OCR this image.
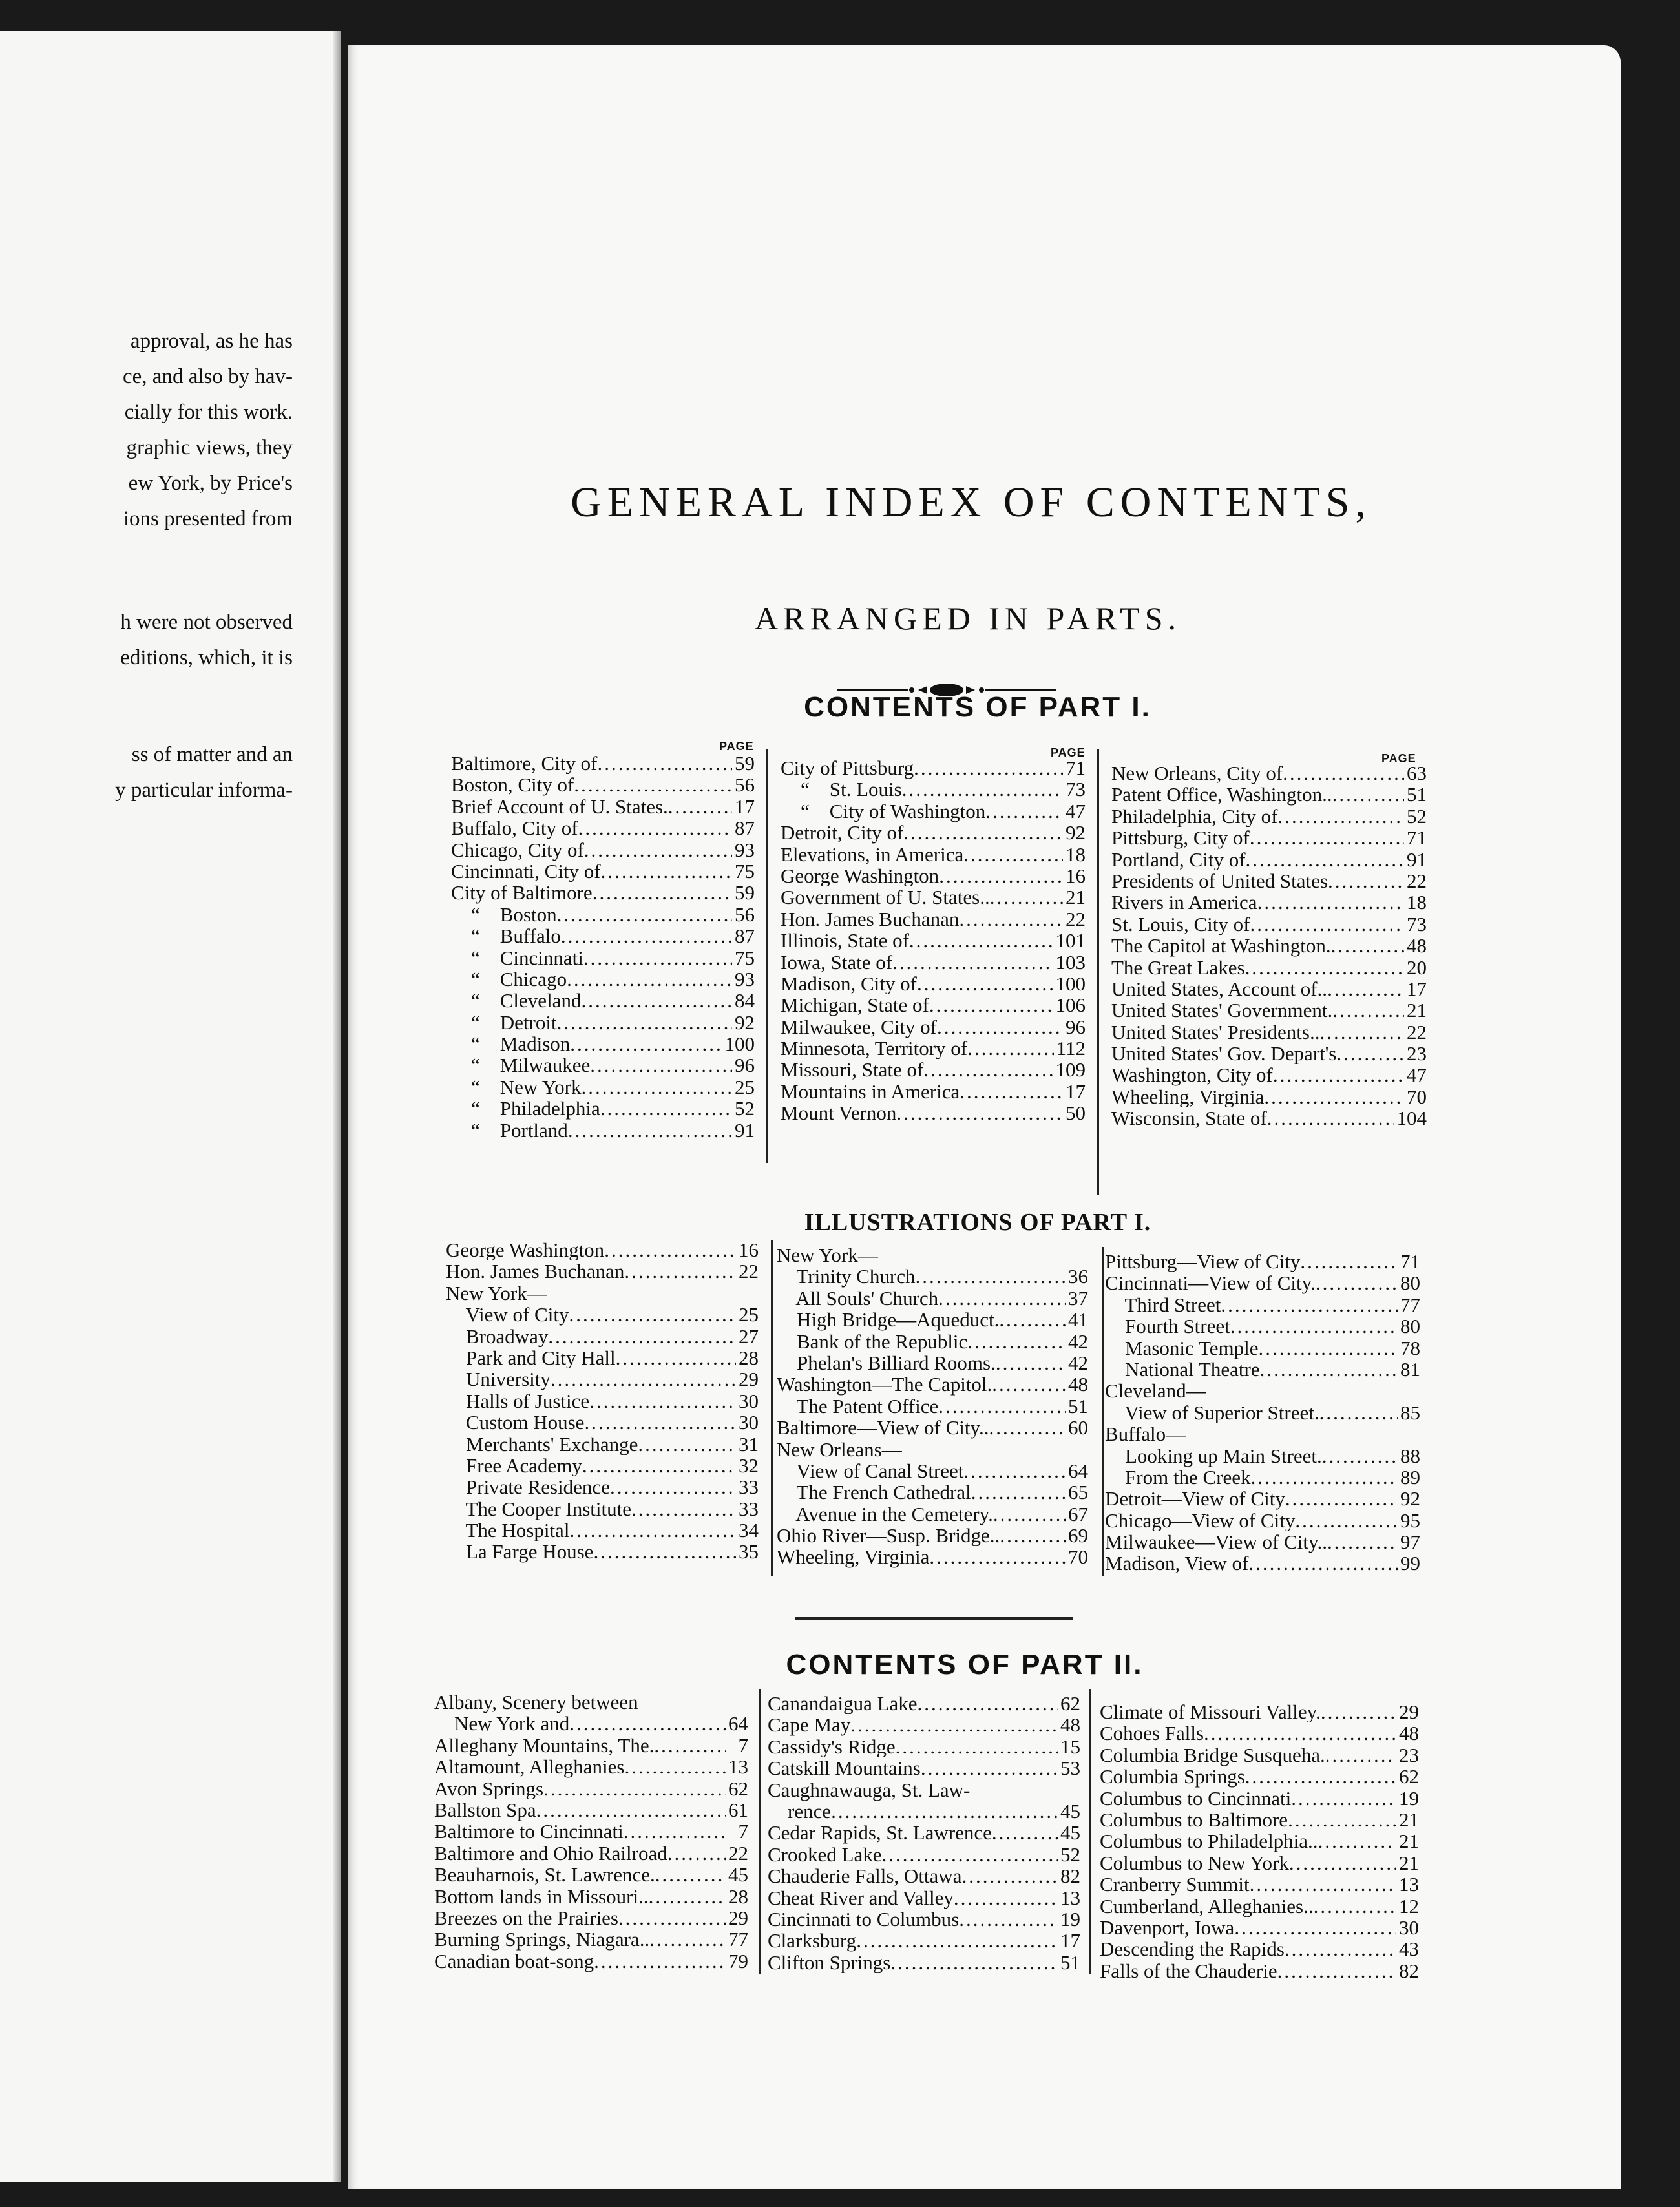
approval, as he has
ce, and also by hav-
cially for this work.
graphic views, they
ew York, by Price's
ions presented from
h were not observed
editions, which, it is
ss of matter and an
y particular informa-
GENERAL INDEX OF CONTENTS,
ARRANGED IN PARTS.
CONTENTS OF PART I.
PAGE	PAGE	PAGE
ILLUSTRATIONS OF PART I.
CONTENTS OF PART II.
Baltimore, City of .....	59
Boston, City of .....	56
Brief Account of U. States. .....	17
Buffalo, City of .....	87
Chicago, City of .....	93
Cincinnati, City of .....	75
City of Baltimore .....	59
“    Boston .....	56
“    Buffalo .....	87
“    Cincinnati .....	75
“    Chicago .....	93
“    Cleveland .....	84
“    Detroit .....	92
“    Madison .....	100
“    Milwaukee .....	96
“    New York .....	25
“    Philadelphia .....	52
“    Portland .....	91
City of Pittsburg .....	71
“    St. Louis .....	73
“    City of Washington .....	47
Detroit, City of .....	92
Elevations, in America .....	18
George Washington .....	16
Government of U. States.. .....	21
Hon. James Buchanan .....	22
Illinois, State of .....	101
Iowa, State of .....	103
Madison, City of .....	100
Michigan, State of .....	106
Milwaukee, City of .....	96
Minnesota, Territory of .....	112
Missouri, State of .....	109
Mountains in America .....	17
Mount Vernon .....	50
New Orleans, City of .....	63
Patent Office, Washington.. .....	51
Philadelphia, City of .....	52
Pittsburg, City of .....	71
Portland, City of .....	91
Presidents of United States .....	22
Rivers in America .....	18
St. Louis, City of .....	73
The Capitol at Washington. .....	48
The Great Lakes .....	20
United States, Account of.. .....	17
United States' Government. .....	21
United States' Presidents.. .....	22
United States' Gov. Depart's .....	23
Washington, City of .....	47
Wheeling, Virginia .....	70
Wisconsin, State of .....	104
George Washington .....	16
Hon. James Buchanan .....	22
New York—
View of City .....	25
Broadway .....	27
Park and City Hall .....	28
University .....	29
Halls of Justice .....	30
Custom House .....	30
Merchants' Exchange .....	31
Free Academy .....	32
Private Residence .....	33
The Cooper Institute .....	33
The Hospital .....	34
La Farge House .....	35
New York—
Trinity Church .....	36
All Souls' Church .....	37
High Bridge—Aqueduct. .....	41
Bank of the Republic .....	42
Phelan's Billiard Rooms. .....	42
Washington—The Capitol. .....	48
The Patent Office .....	51
Baltimore—View of City.. .....	60
New Orleans—
View of Canal Street .....	64
The French Cathedral .....	65
Avenue in the Cemetery. .....	67
Ohio River—Susp. Bridge.. .....	69
Wheeling, Virginia .....	70
Pittsburg—View of City .....	71
Cincinnati—View of City. .....	80
Third Street .....	77
Fourth Street .....	80
Masonic Temple .....	78
National Theatre .....	81
Cleveland—
View of Superior Street. .....	85
Buffalo—
Looking up Main Street. .....	88
From the Creek .....	89
Detroit—View of City .....	92
Chicago—View of City .....	95
Milwaukee—View of City.. .....	97
Madison, View of .....	99
Albany, Scenery between
New York and .....	64
Alleghany Mountains, The. .....	7
Altamount, Alleghanies .....	13
Avon Springs .....	62
Ballston Spa .....	61
Baltimore to Cincinnati .....	7
Baltimore and Ohio Railroad .....	22
Beauharnois, St. Lawrence. .....	45
Bottom lands in Missouri.. .....	28
Breezes on the Prairies .....	29
Burning Springs, Niagara.. .....	77
Canadian boat-song .....	79
Canandaigua Lake .....	62
Cape May .....	48
Cassidy's Ridge .....	15
Catskill Mountains .....	53
Caughnawauga, St. Law-
rence .....	45
Cedar Rapids, St. Lawrence .....	45
Crooked Lake .....	52
Chauderie Falls, Ottawa .....	82
Cheat River and Valley .....	13
Cincinnati to Columbus .....	19
Clarksburg .....	17
Clifton Springs .....	51
Climate of Missouri Valley. .....	29
Cohoes Falls .....	48
Columbia Bridge Susqueha. .....	23
Columbia Springs .....	62
Columbus to Cincinnati .....	19
Columbus to Baltimore .....	21
Columbus to Philadelphia.. .....	21
Columbus to New York .....	21
Cranberry Summit .....	13
Cumberland, Alleghanies.. .....	12
Davenport, Iowa .....	30
Descending the Rapids .....	43
Falls of the Chauderie .....	82
